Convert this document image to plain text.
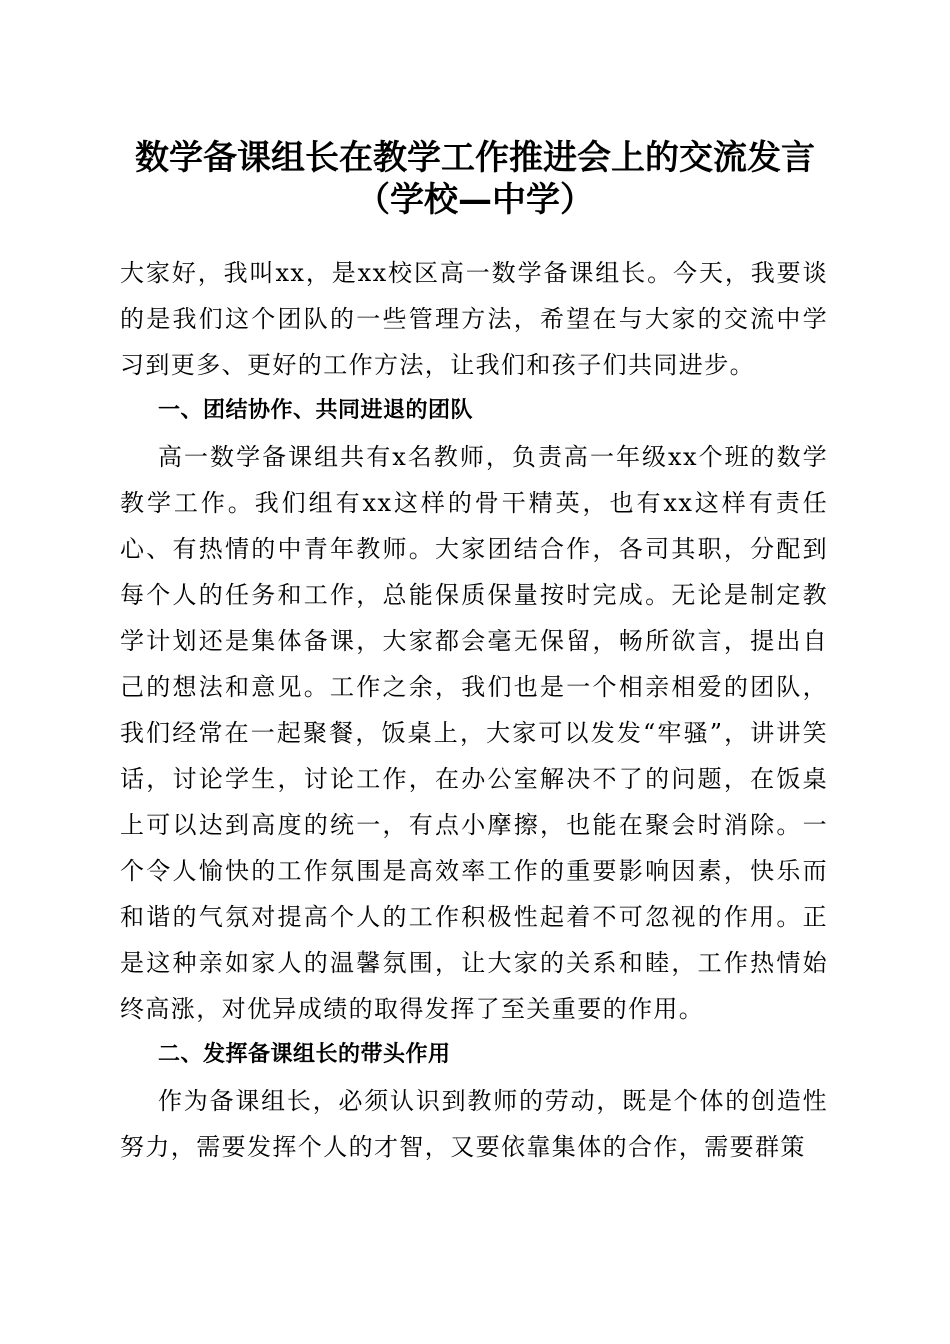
数学备课组长在教学工作推进会上的交流发言
（学校—中学）

大家好，我叫xx，是xx校区高一数学备课组长。今天，我要谈的是我们这个团队的一些管理方法，希望在与大家的交流中学习到更多、更好的工作方法，让我们和孩子们共同进步。

一、团结协作、共同进退的团队

高一数学备课组共有x名教师，负责高一年级xx个班的数学教学工作。我们组有xx这样的骨干精英，也有xx这样有责任心、有热情的中青年教师。大家团结合作，各司其职，分配到每个人的任务和工作，总能保质保量按时完成。无论是制定教学计划还是集体备课，大家都会毫无保留，畅所欲言，提出自己的想法和意见。工作之余，我们也是一个相亲相爱的团队，我们经常在一起聚餐，饭桌上，大家可以发发“牢骚”，讲讲笑话，讨论学生，讨论工作，在办公室解决不了的问题，在饭桌上可以达到高度的统一，有点小摩擦，也能在聚会时消除。一个令人愉快的工作氛围是高效率工作的重要影响因素，快乐而和谐的气氛对提高个人的工作积极性起着不可忽视的作用。正是这种亲如家人的温馨氛围，让大家的关系和睦，工作热情始终高涨，对优异成绩的取得发挥了至关重要的作用。

二、发挥备课组长的带头作用

作为备课组长，必须认识到教师的劳动，既是个体的创造性努力，需要发挥个人的才智，又要依靠集体的合作，需要群策
